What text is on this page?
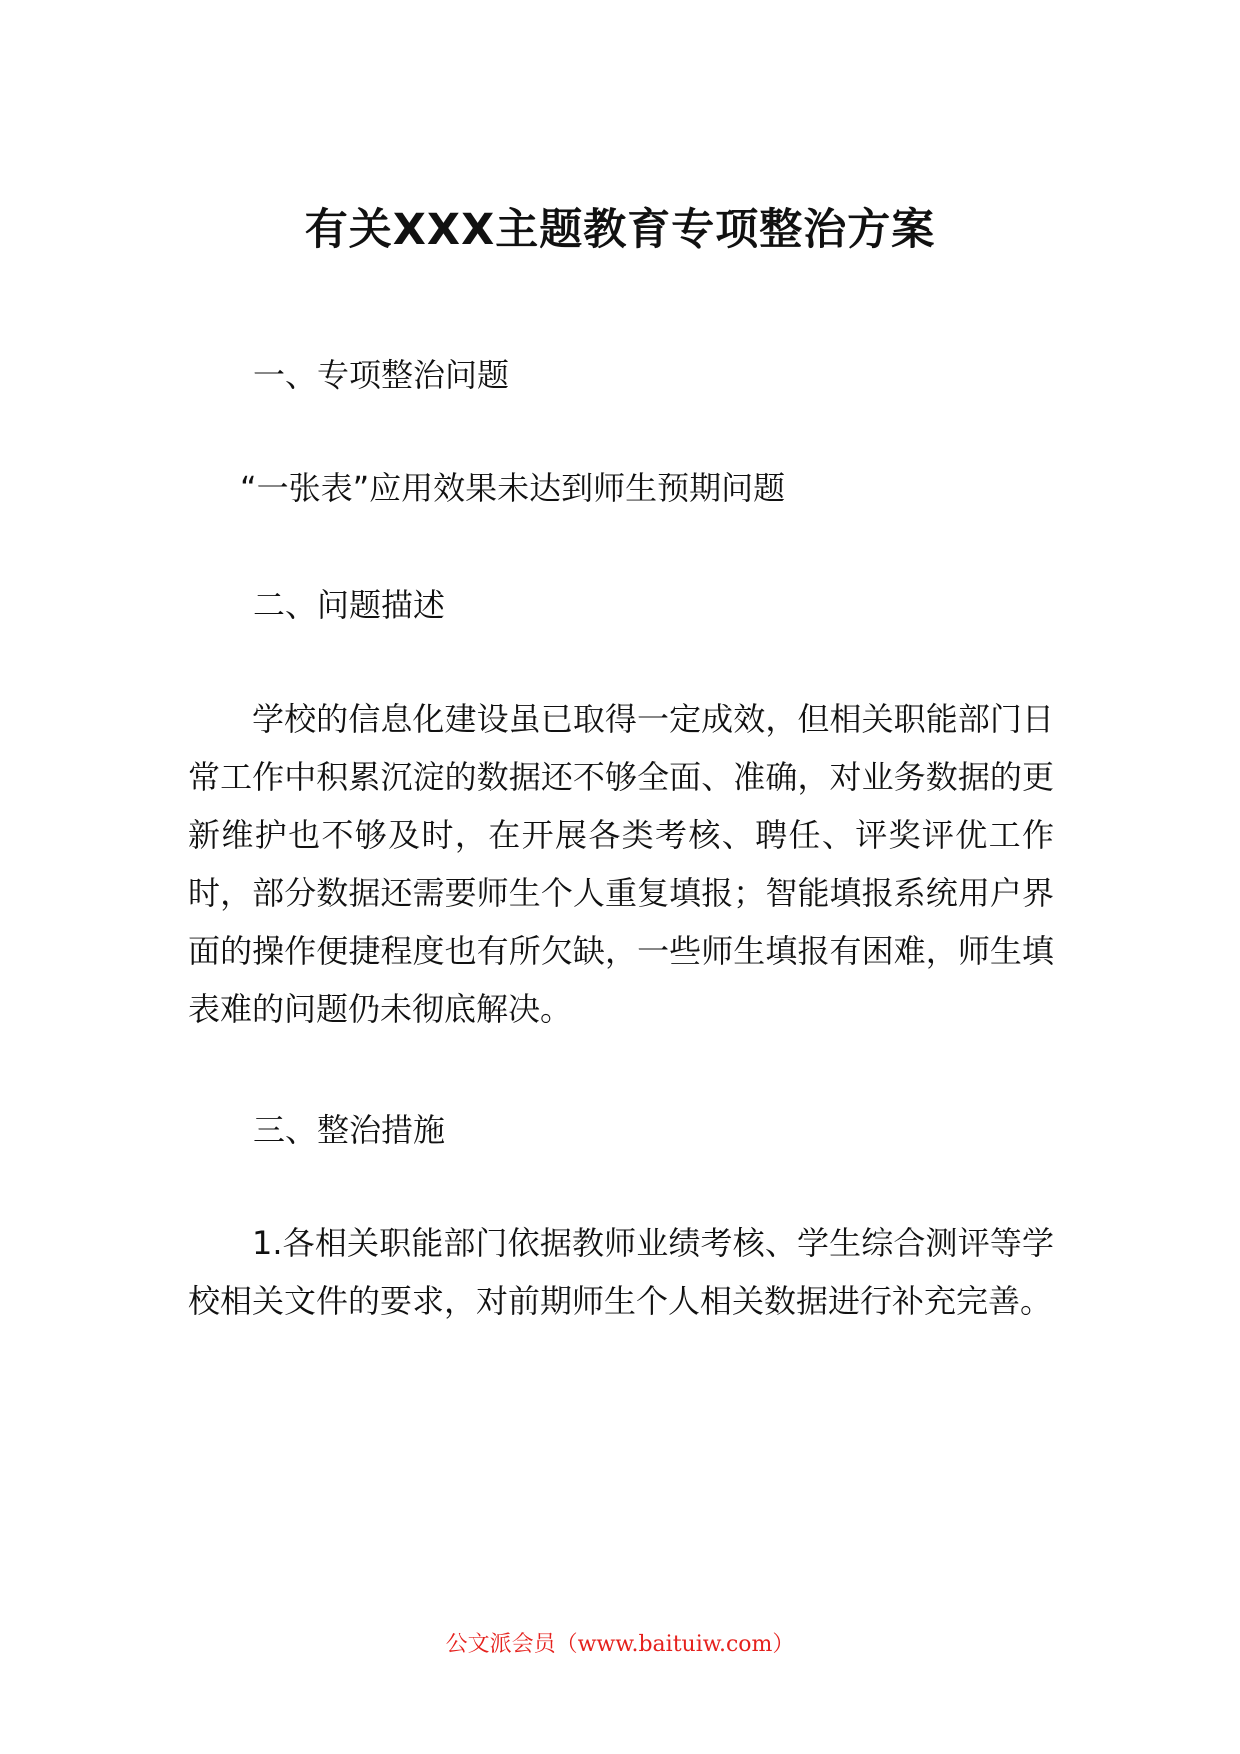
有关XXX主题教育专项整治方案
一、专项整治问题
“一张表”应用效果未达到师生预期问题
二、问题描述
学校的信息化建设虽已取得一定成效，但相关职能部门日常工作中积累沉淀的数据还不够全面、准确，对业务数据的更新维护也不够及时，在开展各类考核、聘任、评奖评优工作时，部分数据还需要师生个人重复填报；智能填报系统用户界面的操作便捷程度也有所欠缺，一些师生填报有困难，师生填表难的问题仍未彻底解决。
三、整治措施
1.各相关职能部门依据教师业绩考核、学生综合测评等学校相关文件的要求，对前期师生个人相关数据进行补充完善。
公文派会员（www.baituiw.com）
